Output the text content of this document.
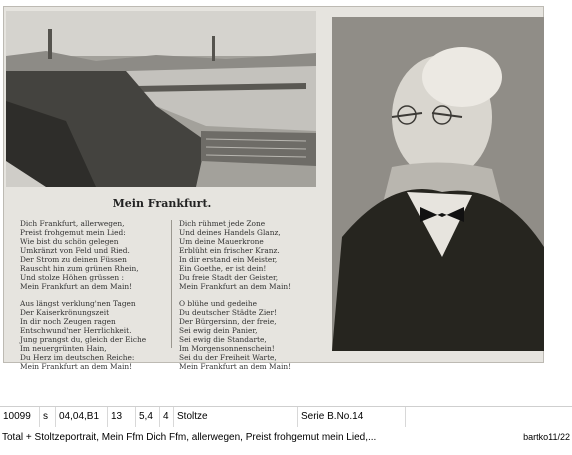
Mein Frankfurt.
Dich Frankfurt, allerwegen,
Preist frohgemut mein Lied:
Wie bist du schön gelegen
Umkränzt von Feld und Ried.
Der Strom zu deinen Füssen
Rauscht hin zum grünen Rhein,
Und stolze Höhen grüssen :
Mein Frankfurt an dem Main!
Aus längst verklung'nen Tagen
Der Kaiserkrönungszeit
In dir noch Zeugen ragen
Entschwund'ner Herrlichkeit.
Jung prangst du, gleich der Eiche
Im neuergrünten Hain,
Du Herz im deutschen Reiche:
Mein Frankfurt an dem Main!
Dich rühmet jede Zone
Und deines Handels Glanz,
Um deine Mauerkrone
Erblüht ein frischer Kranz.
In dir erstand ein Meister,
Ein Goethe, er ist dein!
Du freie Stadt der Geister,
Mein Frankfurt an dem Main!
O blühe und gedeihe
Du deutscher Städte Zier!
Der Bürgersinn, der freie,
Sei ewig dein Panier,
Sei ewig die Standarte,
Im Morgensonnenschein!
Sei du der Freiheit Warte,
Mein Frankfurt an dem Main!
10099	s	04,04,B1	13	5,4	4 Stoltze	Serie B.No.14
Total + Stoltzeportrait, Mein Ffm Dich Ffm, allerwegen, Preist frohgemut mein Lied,...	bartko11/22
